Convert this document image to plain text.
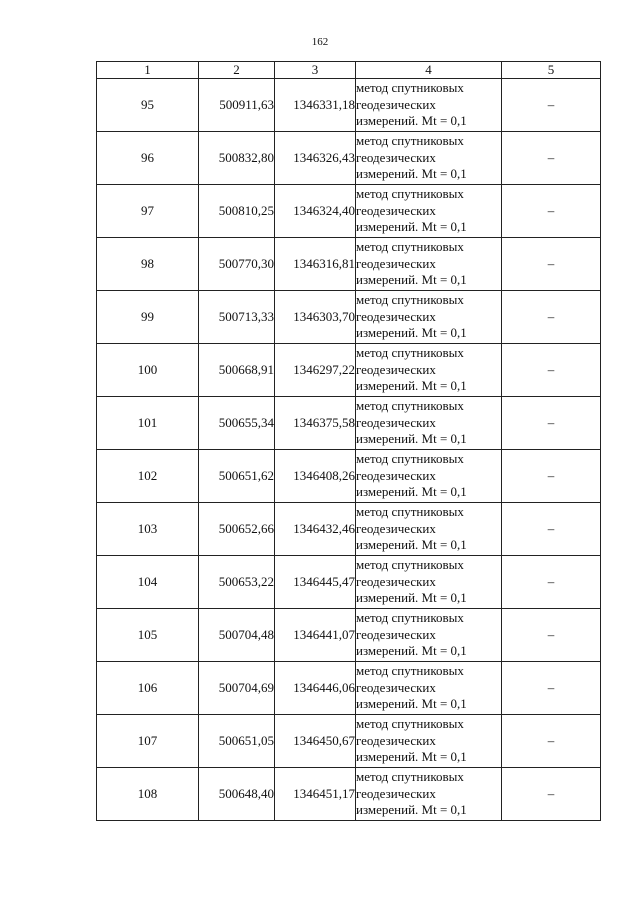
162
1	2	3	4	5
95	500911,63	1346331,18	метод спутниковых
геодезических
измерений. Mt = 0,1	–
96	500832,80	1346326,43	метод спутниковых
геодезических
измерений. Mt = 0,1	–
97	500810,25	1346324,40	метод спутниковых
геодезических
измерений. Mt = 0,1	–
98	500770,30	1346316,81	метод спутниковых
геодезических
измерений. Mt = 0,1	–
99	500713,33	1346303,70	метод спутниковых
геодезических
измерений. Mt = 0,1	–
100	500668,91	1346297,22	метод спутниковых
геодезических
измерений. Mt = 0,1	–
101	500655,34	1346375,58	метод спутниковых
геодезических
измерений. Mt = 0,1	–
102	500651,62	1346408,26	метод спутниковых
геодезических
измерений. Mt = 0,1	–
103	500652,66	1346432,46	метод спутниковых
геодезических
измерений. Mt = 0,1	–
104	500653,22	1346445,47	метод спутниковых
геодезических
измерений. Mt = 0,1	–
105	500704,48	1346441,07	метод спутниковых
геодезических
измерений. Mt = 0,1	–
106	500704,69	1346446,06	метод спутниковых
геодезических
измерений. Mt = 0,1	–
107	500651,05	1346450,67	метод спутниковых
геодезических
измерений. Mt = 0,1	–
108	500648,40	1346451,17	метод спутниковых
геодезических
измерений. Mt = 0,1	–
